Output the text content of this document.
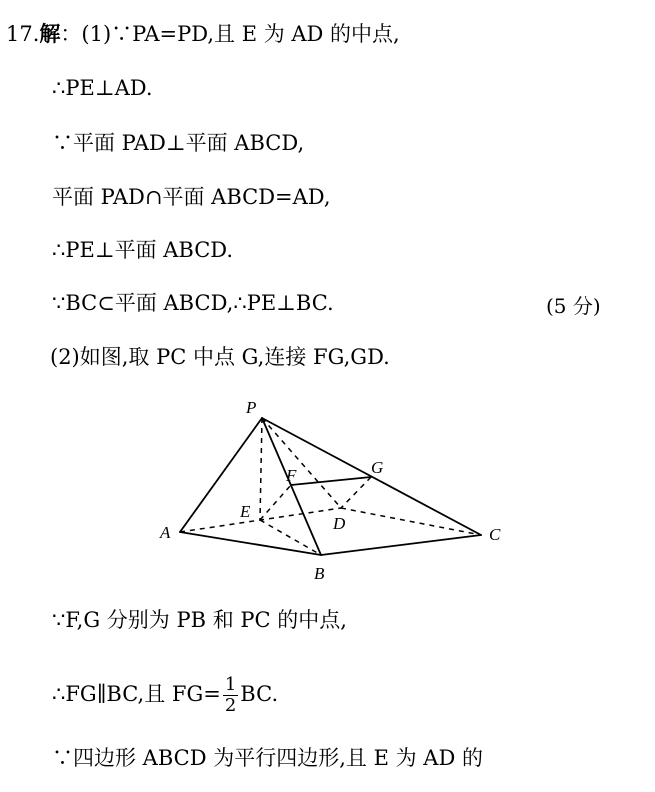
17.解：(1)∵PA=PD,且 E 为 AD 的中点,
∴PE⊥AD.
∵平面 PAD⊥平面 ABCD,
平面 PAD∩平面 ABCD=AD,
∴PE⊥平面 ABCD.
∵BC⊂平面 ABCD,∴PE⊥BC.	(5 分)
(2)如图,取 PC 中点 G,连接 FG,GD.
P
A
B
C
D
E
F	G
∵F,G 分别为 PB 和 PC 的中点,
∴FG∥BC,且 $FG= \frac{1}{2}$ BC.
∵四边形 ABCD 为平行四边形,且 E 为 AD 的
